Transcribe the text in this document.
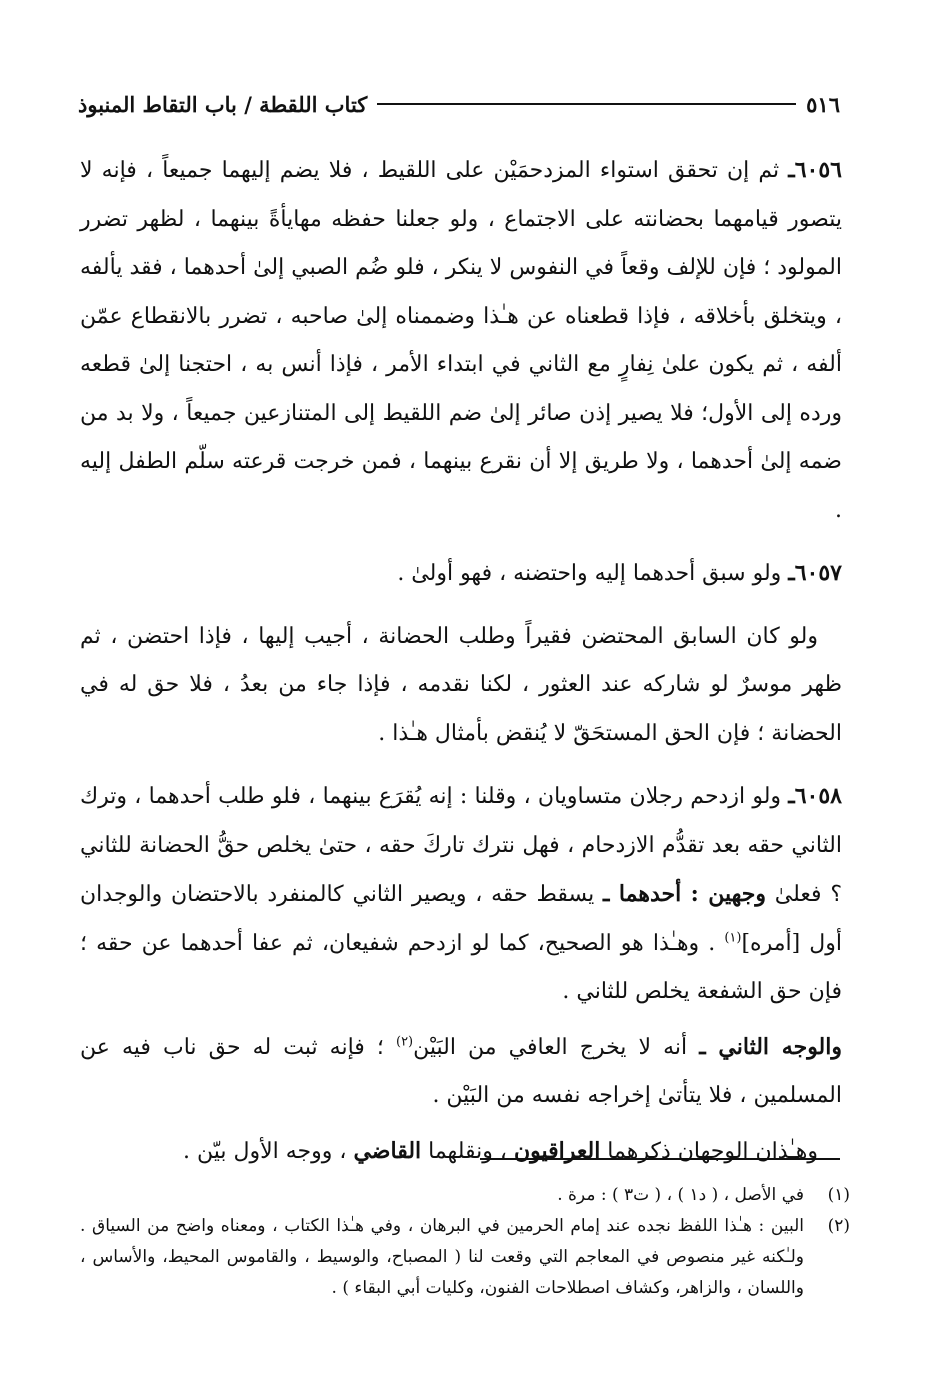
٥١٦
كتاب اللقطة / باب التقاط المنبوذ

٦٠٥٦ـ ثم إن تحقق استواء المزدحمَيْن على اللقيط ، فلا يضم إليهما جميعاً ، فإنه لا يتصور قيامهما بحضانته على الاجتماع ، ولو جعلنا حفظه مهايأةً بينهما ، لظهر تضرر المولود ؛ فإن للإلف وقعاً في النفوس لا ينكر ، فلو ضُم الصبي إلىٰ أحدهما ، فقد يألفه ، ويتخلق بأخلاقه ، فإذا قطعناه عن هـٰذا وضممناه إلىٰ صاحبه ، تضرر بالانقطاع عمّن ألفه ، ثم يكون علىٰ نِفارٍ مع الثاني في ابتداء الأمر ، فإذا أنس به ، احتجنا إلىٰ قطعه ورده إلى الأول؛ فلا يصير إذن صائر إلىٰ ضم اللقيط إلى المتنازعين جميعاً ، ولا بد من ضمه إلىٰ أحدهما ، ولا طريق إلا أن نقرع بينهما ، فمن خرجت قرعته سلّم الطفل إليه .

٦٠٥٧ـ ولو سبق أحدهما إليه واحتضنه ، فهو أولىٰ .

ولو كان السابق المحتضن فقيراً وطلب الحضانة ، أجيب إليها ، فإذا احتضن ، ثم ظهر موسرٌ لو شاركه عند العثور ، لكنا نقدمه ، فإذا جاء من بعدُ ، فلا حق له في الحضانة ؛ فإن الحق المستحَقّ لا يُنقض بأمثال هـٰذا .

٦٠٥٨ـ ولو ازدحم رجلان متساويان ، وقلنا : إنه يُقرَع بينهما ، فلو طلب أحدهما ، وترك الثاني حقه بعد تقدُّم الازدحام ، فهل نترك تاركَ حقه ، حتىٰ يخلص حقُّ الحضانة للثاني ؟ فعلىٰ وجهين : أحدهما ـ يسقط حقه ، ويصير الثاني كالمنفرد بالاحتضان والوجدان أول [أمره]$^{(١)}$ . وهـٰذا هو الصحيح، كما لو ازدحم شفيعان، ثم عفا أحدهما عن حقه ؛ فإن حق الشفعة يخلص للثاني .

والوجه الثاني ـ أنه لا يخرج العافي من البَيْن$^{(٢)}$ ؛ فإنه ثبت له حق ناب فيه عن المسلمين ، فلا يتأتىٰ إخراجه نفسه من البَيْن .

وهـٰذان الوجهان ذكرهما العراقيون ، ونقلهما القاضي ، ووجه الأول بيّن .

(١)
في الأصل ، ( د١ ) ، ( ت٣ ) : مرة .
(٢)
البين : هـٰذا اللفظ نجده عند إمام الحرمين في البرهان ، وفي هـٰذا الكتاب ، ومعناه واضح من السياق . ولـٰكنه غير منصوص في المعاجم التي وقعت لنا ( المصباح، والوسيط ، والقاموس المحيط، والأساس ، واللسان ، والزاهر، وكشاف اصطلاحات الفنون، وكليات أبي البقاء ) .
